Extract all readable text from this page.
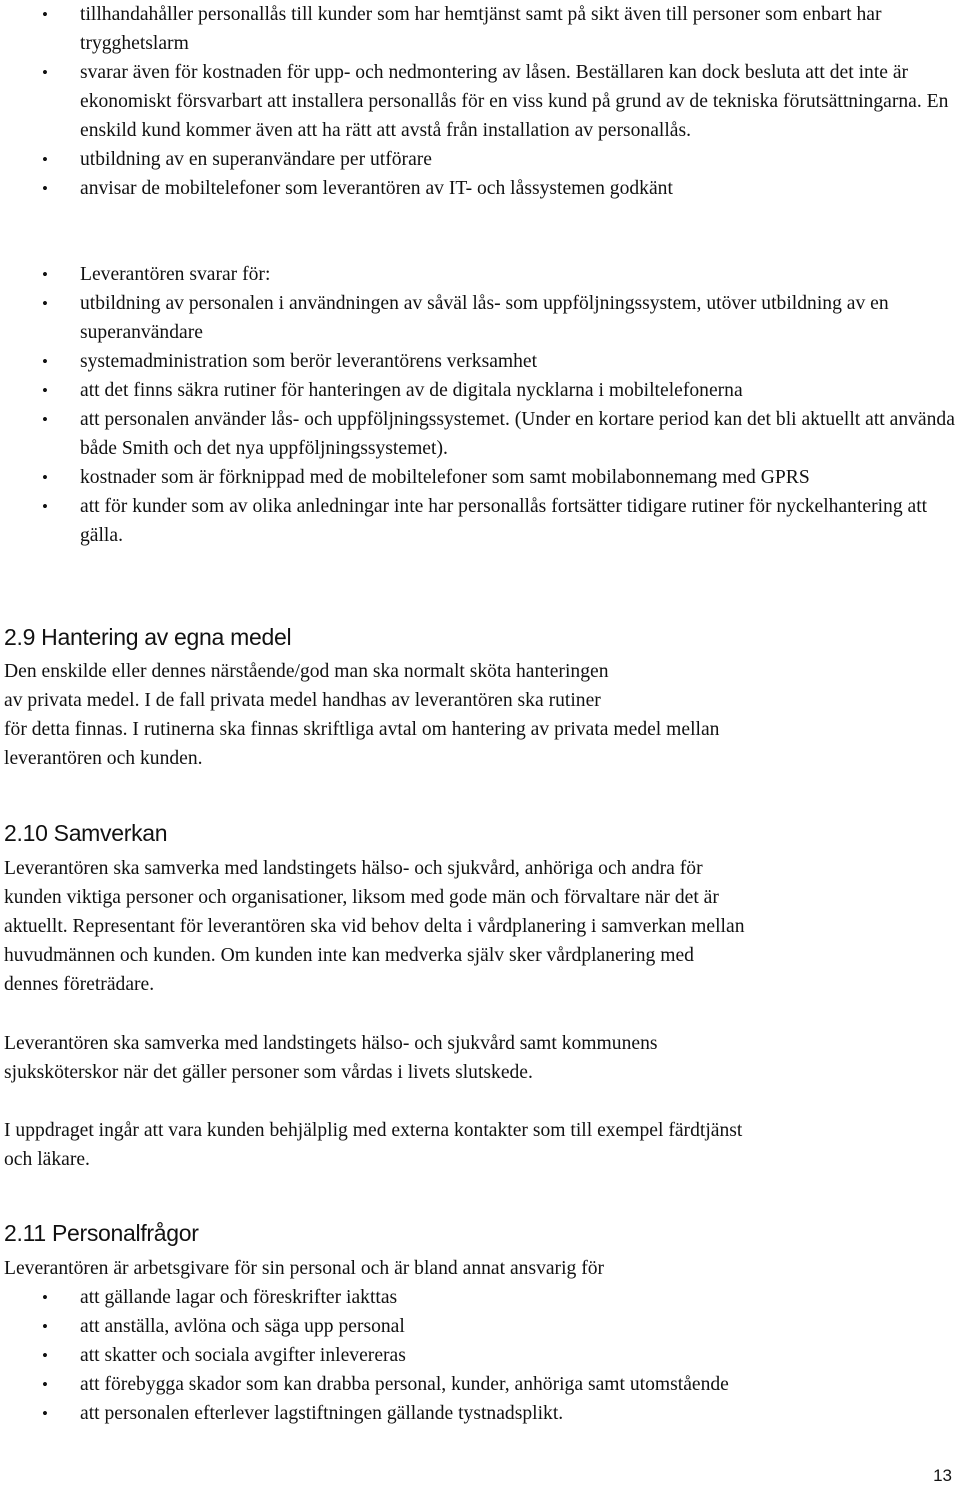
• tillhandahåller personallås till kunder som har hemtjänst samt på sikt även till personer som enbart har trygghetslarm
• svarar även för kostnaden för upp- och nedmontering av låsen. Beställaren kan dock besluta att det inte är ekonomiskt försvarbart att installera personallås för en viss kund på grund av de tekniska förutsättningarna. En enskild kund kommer även att ha rätt att avstå från installation av personallås.
• utbildning av en superanvändare per utförare
• anvisar de mobiltelefoner som leverantören av IT- och låssystemen godkänt
• Leverantören svarar för:
• utbildning av personalen i användningen av såväl lås- som uppföljningssystem, utöver utbildning av en superanvändare
• systemadministration som berör leverantörens verksamhet
• att det finns säkra rutiner för hanteringen av de digitala nycklarna i mobiltelefonerna
• att personalen använder lås- och uppföljningssystemet. (Under en kortare period kan det bli aktuellt att använda både Smith och det nya uppföljningssystemet).
• kostnader som är förknippad med de mobiltelefoner som samt mobilabonnemang med GPRS
• att för kunder som av olika anledningar inte har personallås fortsätter tidigare rutiner för nyckelhantering att gälla.
2.9 Hantering av egna medel

Den enskilde eller dennes närstående/god man ska normalt sköta hanteringen

av privata medel. I de fall privata medel handhas av leverantören ska rutiner

för detta finnas. I rutinerna ska finnas skriftliga avtal om hantering av privata medel mellan

leverantören och kunden.

2.10 Samverkan

Leverantören ska samverka med landstingets hälso- och sjukvård, anhöriga och andra för

kunden viktiga personer och organisationer, liksom med gode män och förvaltare när det är

aktuellt. Representant för leverantören ska vid behov delta i vårdplanering i samverkan mellan

huvudmännen och kunden. Om kunden inte kan medverka själv sker vårdplanering med

dennes företrädare.

Leverantören ska samverka med landstingets hälso- och sjukvård samt kommunens

sjuksköterskor när det gäller personer som vårdas i livets slutskede.

I uppdraget ingår att vara kunden behjälplig med externa kontakter som till exempel färdtjänst

och läkare.

2.11 Personalfrågor

Leverantören är arbetsgivare för sin personal och är bland annat ansvarig för

• att gällande lagar och föreskrifter iakttas
• att anställa, avlöna och säga upp personal
• att skatter och sociala avgifter inlevereras
• att förebygga skador som kan drabba personal, kunder, anhöriga samt utomstående
• att personalen efterlever lagstiftningen gällande tystnadsplikt.
13
